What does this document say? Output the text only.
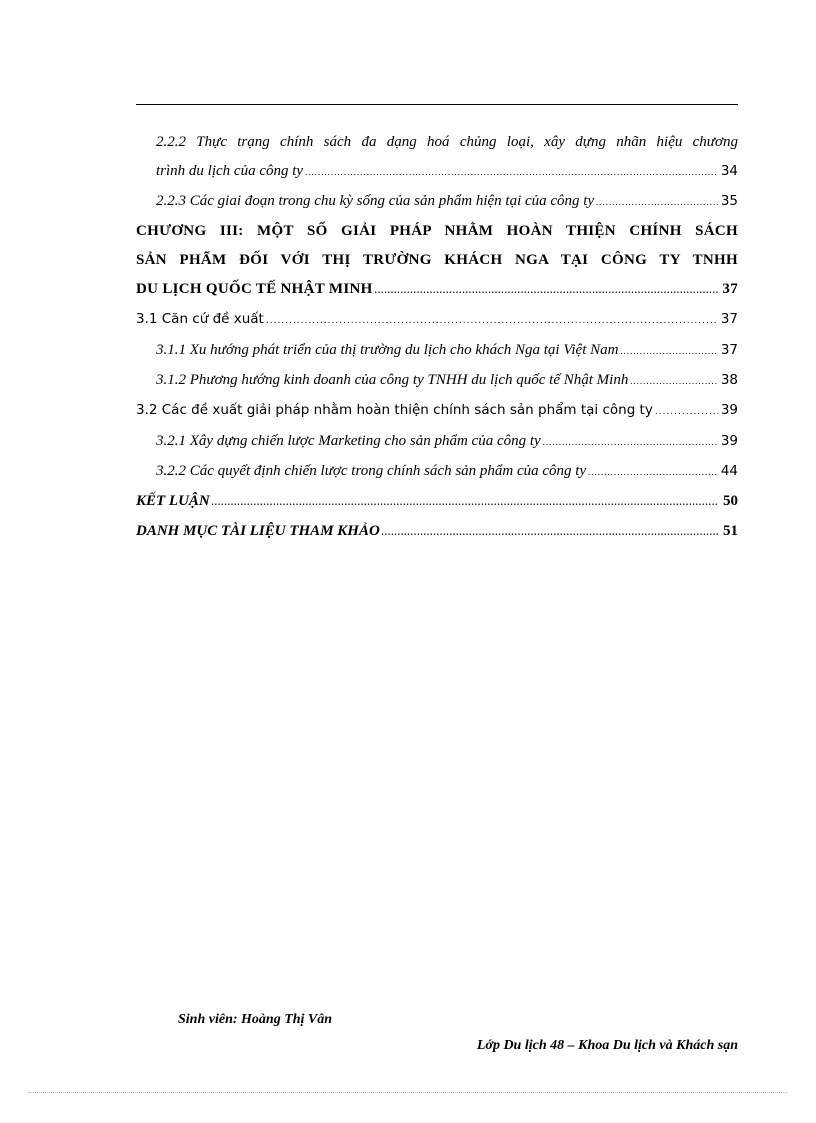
2.2.2 Thực trạng chính sách đa dạng hoá chủng loại, xây dựng nhãn hiệu chương
trình du lịch của công ty .....	34
2.2.3 Các giai đoạn trong chu kỳ sống của sản phẩm hiện tại của công ty .....	35
CHƯƠNG III: MỘT SỐ GIẢI PHÁP NHẰM HOÀN THIỆN CHÍNH SÁCH
SẢN PHẨM ĐỐI VỚI THỊ TRƯỜNG KHÁCH NGA TẠI CÔNG TY TNHH
DU LỊCH QUỐC TẾ NHẬT MINH .....	37
3.1 Căn cứ đề xuất .....	37
3.1.1 Xu hướng phát triển của thị trường du lịch cho khách Nga tại Việt Nam .....	37
3.1.2 Phương hướng kinh doanh của công ty TNHH du lịch quốc tế Nhật Minh .....	38
3.2 Các đề xuất giải pháp nhằm hoàn thiện chính sách sản phẩm tại công ty .....	39
3.2.1 Xây dựng chiến lược Marketing cho sản phẩm của công ty .....	39
3.2.2 Các quyết định chiến lược trong chính sách sản phẩm của công ty .....	44
KẾT LUẬN .....	50
DANH MỤC TÀI LIỆU THAM KHẢO .....	51
Sinh viên: Hoàng Thị Vân
Lớp Du lịch 48 – Khoa Du lịch và Khách sạn
